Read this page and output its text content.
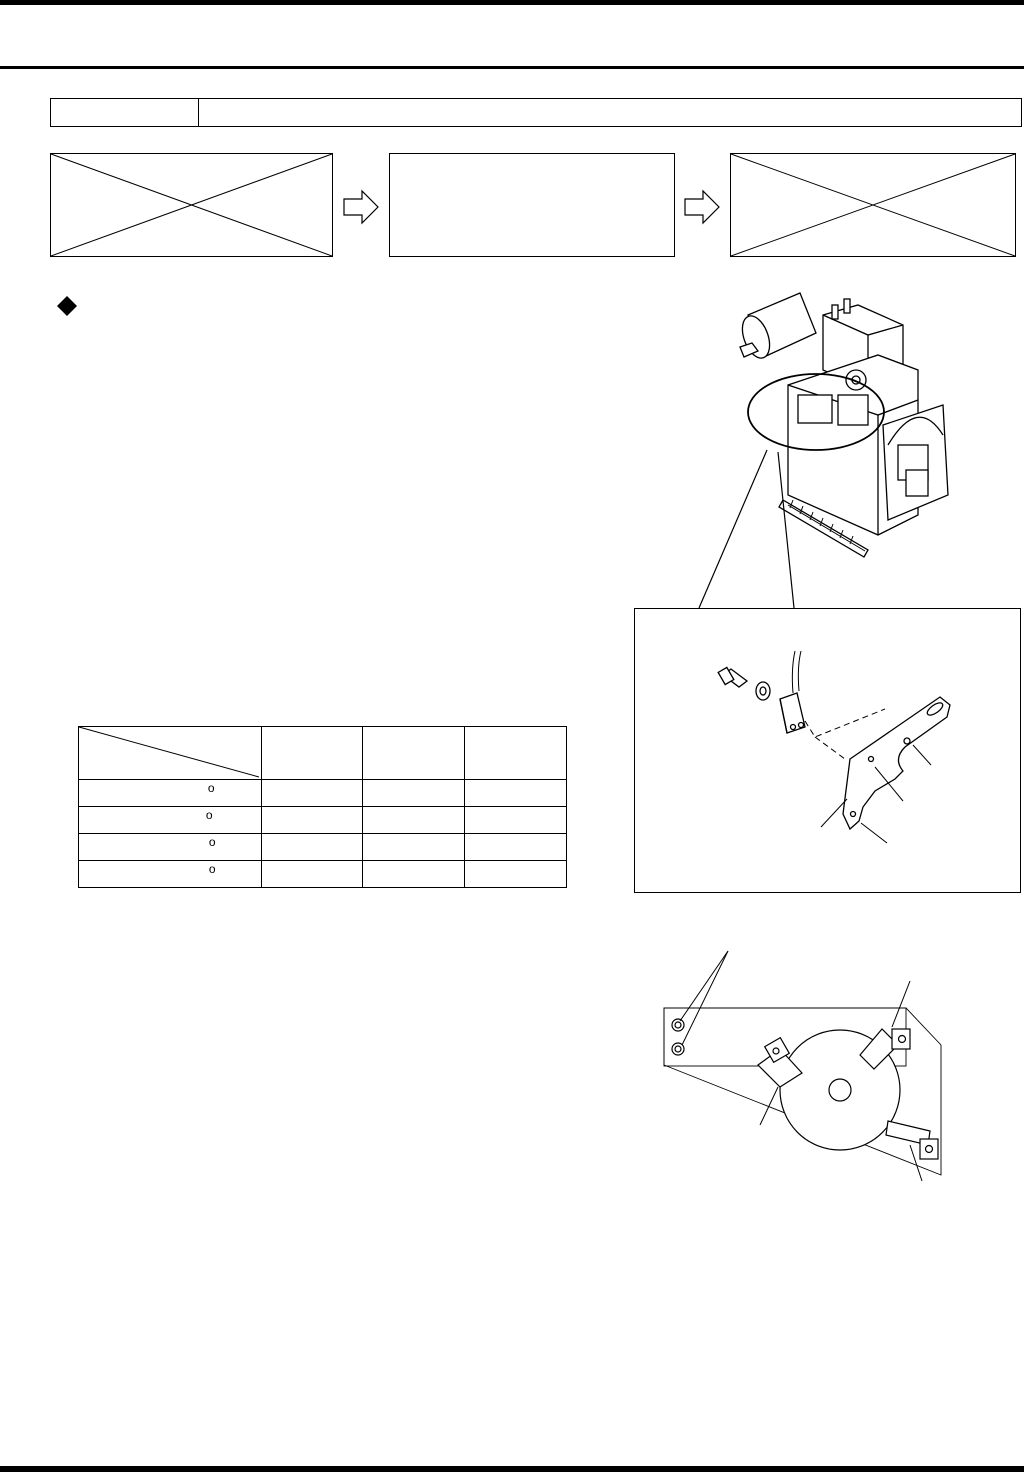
o			

o			

o			

o			
